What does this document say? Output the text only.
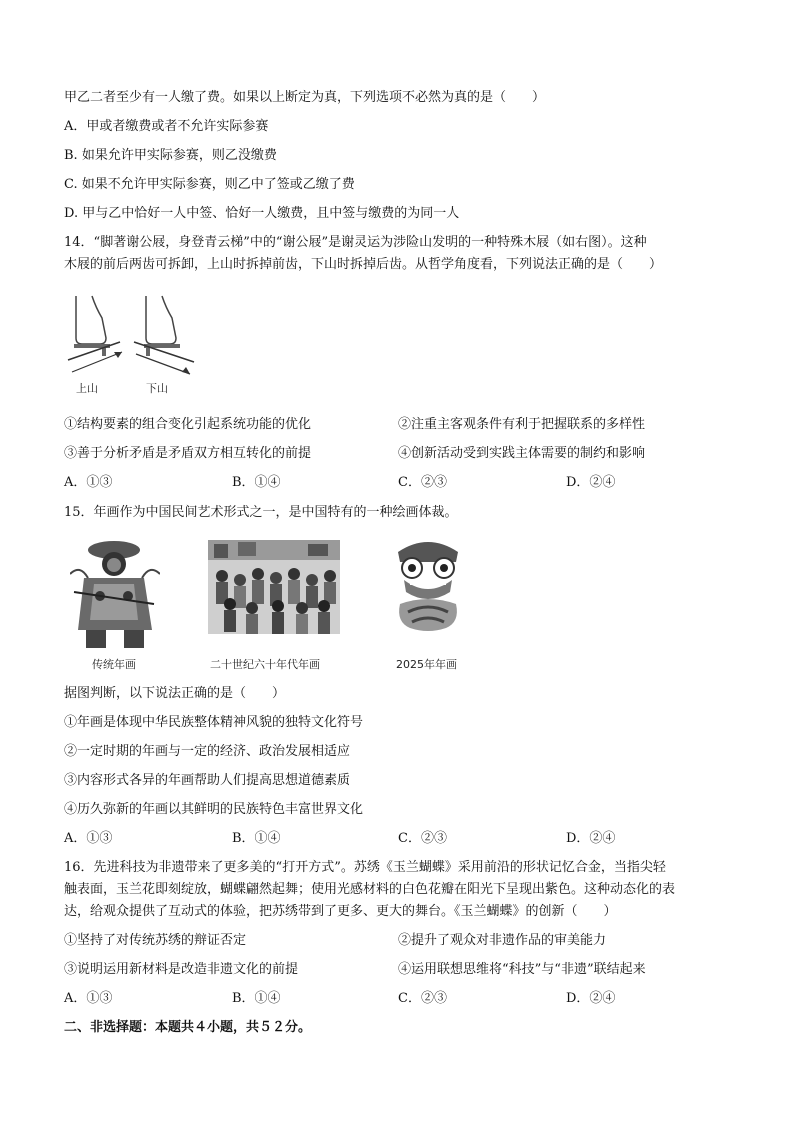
甲乙二者至少有一人缴了费。如果以上断定为真，下列选项不必然为真的是（　　）
A．甲或者缴费或者不允许实际参赛
B. 如果允许甲实际参赛，则乙没缴费
C. 如果不允许甲实际参赛，则乙中了签或乙缴了费
D. 甲与乙中恰好一人中签、恰好一人缴费，且中签与缴费的为同一人
14．“脚著谢公屐，身登青云梯”中的“谢公屐”是谢灵运为涉险山发明的一种特殊木屐（如右图）。这种
木屐的前后两齿可拆卸，上山时拆掉前齿，下山时拆掉后齿。从哲学角度看，下列说法正确的是（　　）
上山	下山
①结构要素的组合变化引起系统功能的优化	②注重主客观条件有利于把握联系的多样性
③善于分析矛盾是矛盾双方相互转化的前提	④创新活动受到实践主体需要的制约和影响
A．①③	B．①④	C．②③	D．②④
15．年画作为中国民间艺术形式之一，是中国特有的一种绘画体裁。
传统年画	二十世纪六十年代年画	2025年年画
据图判断，以下说法正确的是（　　）
①年画是体现中华民族整体精神风貌的独特文化符号
②一定时期的年画与一定的经济、政治发展相适应
③内容形式各异的年画帮助人们提高思想道德素质
④历久弥新的年画以其鲜明的民族特色丰富世界文化
A．①③	B．①④	C．②③	D．②④
16．先进科技为非遗带来了更多美的“打开方式”。苏绣《玉兰蝴蝶》采用前沿的形状记忆合金，当指尖轻
触表面，玉兰花即刻绽放，蝴蝶翩然起舞；使用光感材料的白色花瓣在阳光下呈现出紫色。这种动态化的表
达，给观众提供了互动式的体验，把苏绣带到了更多、更大的舞台。《玉兰蝴蝶》的创新（　　）
①坚持了对传统苏绣的辩证否定	②提升了观众对非遗作品的审美能力
③说明运用新材料是改造非遗文化的前提	④运用联想思维将“科技”与“非遗”联结起来
A．①③	B．①④	C．②③	D．②④
二、非选择题：本题共４小题，共５２分。
